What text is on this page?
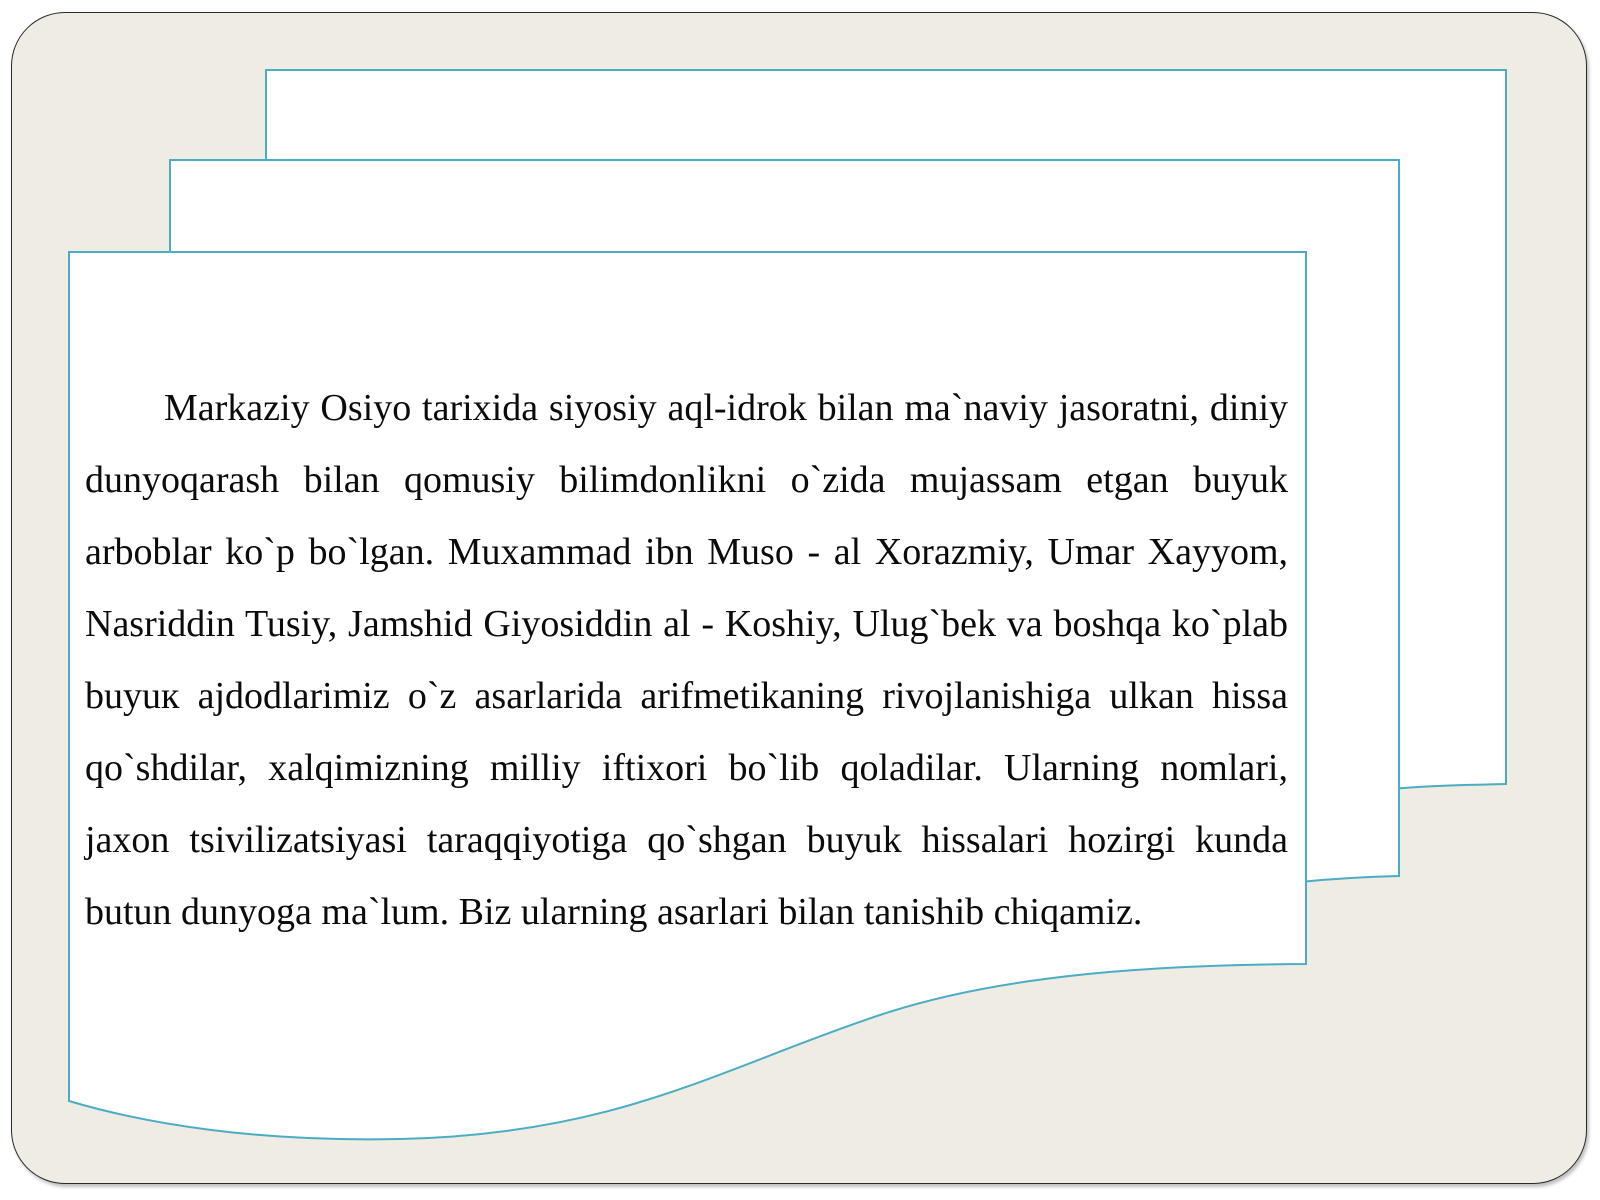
Markaziy Osiyo tarixida siyosiy aql-idrok bilan ma`naviy jasoratni, diniy dunyoqarash bilan qomusiy bilimdonlikni o`zida mujassam etgan buyuk arboblar ko`p bo`lgan. Muxammad ibn Muso - al Xorazmiy, Umar Xayyom, Nasriddin Tusiy, Jamshid Giyosiddin al - Koshiy, Ulug`bek va boshqa ko`plab buyuк ajdodlarimiz o`z asarlarida arifmetikaning rivojlanishiga ulkan hissa qo`shdilar, xalqimizning milliy iftixori bo`lib qoladilar. Ularning nomlari, jaxon tsivilizatsiyasi taraqqiyotiga qo`shgan buyuk hissalari hozirgi kunda butun dunyoga ma`lum. Biz ularning asarlari bilan tanishib chiqamiz.
